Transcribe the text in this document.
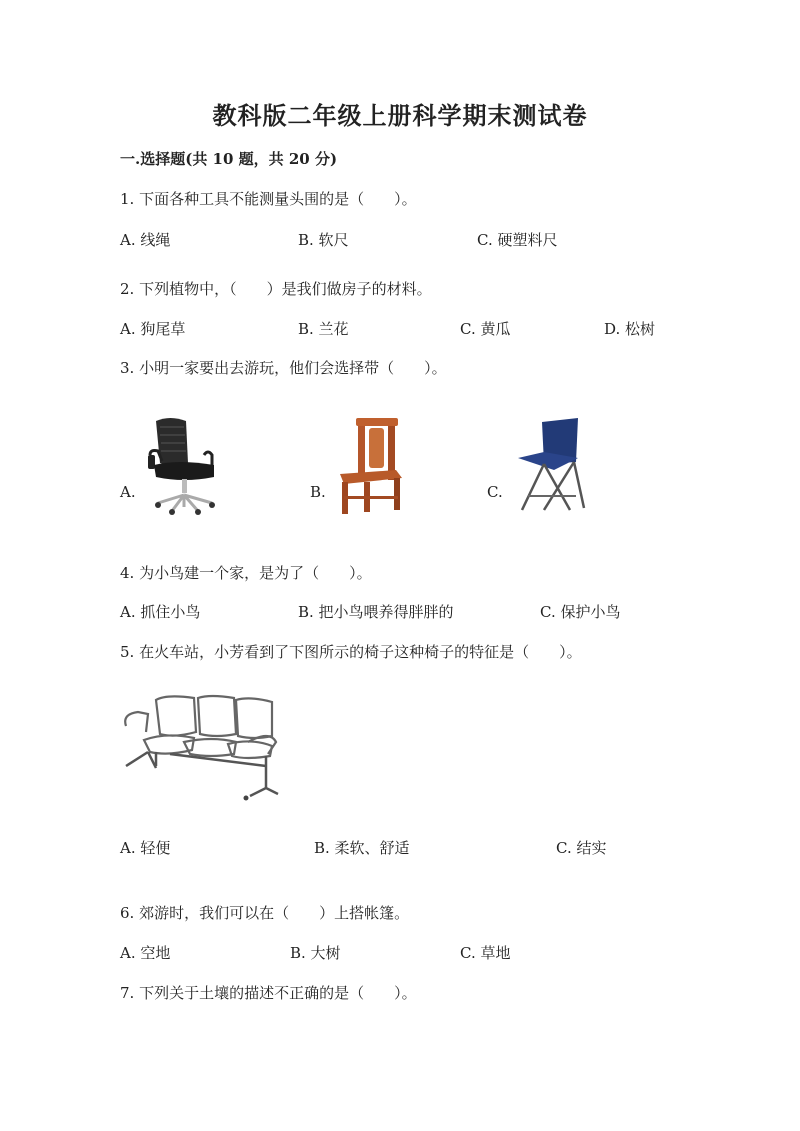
教科版二年级上册科学期末测试卷
一.选择题(共 10 题，共 20 分)
1. 下面各种工具不能测量头围的是（　　）。
A. 线绳	B. 软尺	C. 硬塑料尺
2. 下列植物中，（　　）是我们做房子的材料。
A. 狗尾草	B. 兰花	C. 黄瓜	D. 松树
3. 小明一家要出去游玩，他们会选择带（　　）。
A.	B.	C.
4. 为小鸟建一个家，是为了（　　）。
A. 抓住小鸟	B. 把小鸟喂养得胖胖的	C. 保护小鸟
5. 在火车站，小芳看到了下图所示的椅子这种椅子的特征是（　　）。
A. 轻便	B. 柔软、舒适	C. 结实
6. 郊游时，我们可以在（　　）上搭帐篷。
A. 空地	B. 大树	C. 草地
7. 下列关于土壤的描述不正确的是（　　）。
